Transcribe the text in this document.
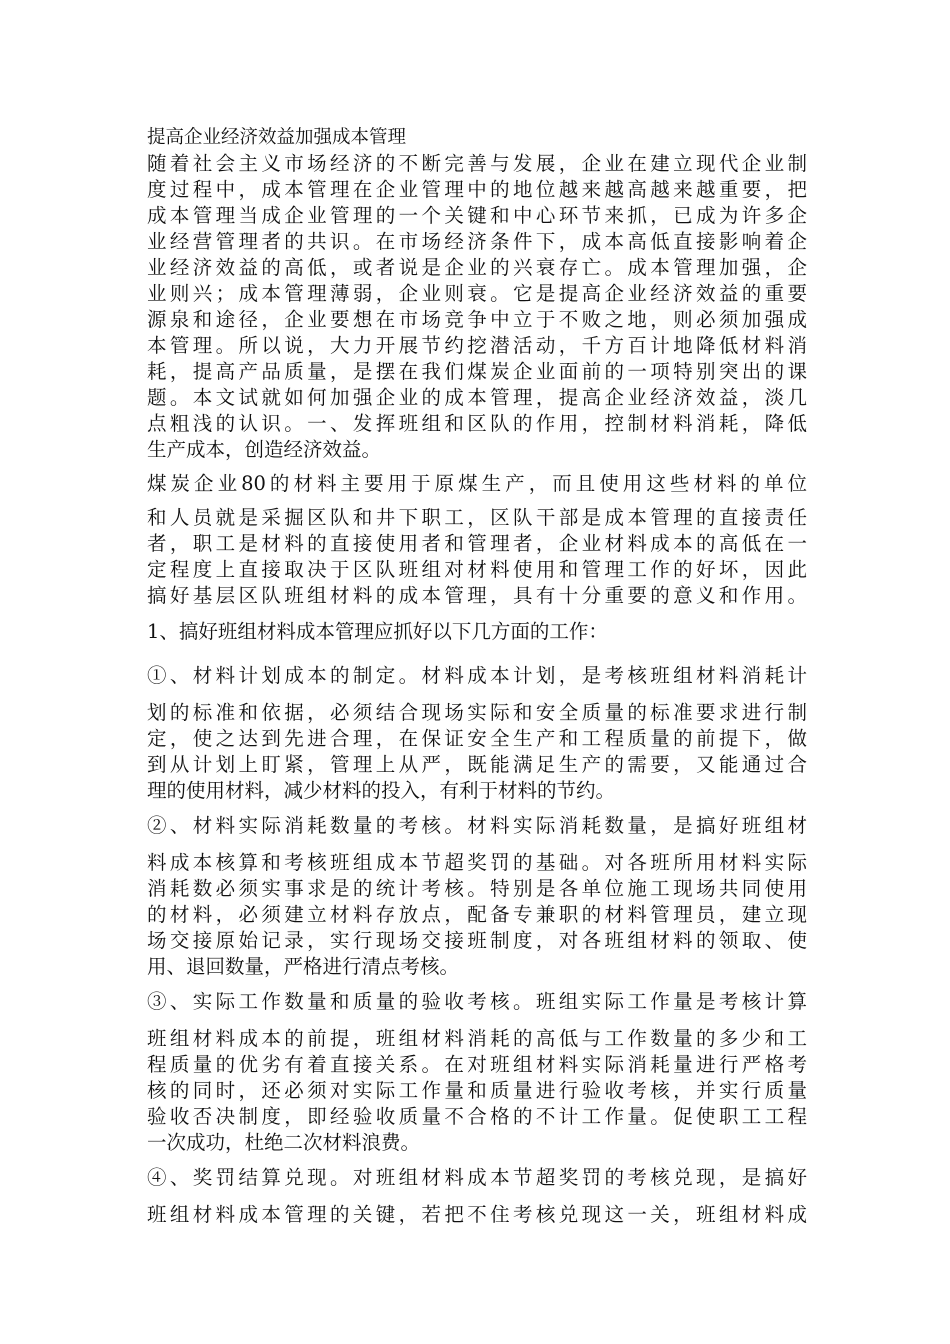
提高企业经济效益加强成本管理
随着社会主义市场经济的不断完善与发展，企业在建立现代企业制
度过程中，成本管理在企业管理中的地位越来越高越来越重要，把
成本管理当成企业管理的一个关键和中心环节来抓，已成为许多企
业经营管理者的共识。在市场经济条件下，成本高低直接影响着企
业经济效益的高低，或者说是企业的兴衰存亡。成本管理加强，企
业则兴；成本管理薄弱，企业则衰。它是提高企业经济效益的重要
源泉和途径，企业要想在市场竞争中立于不败之地，则必须加强成
本管理。所以说，大力开展节约挖潜活动，千方百计地降低材料消
耗，提高产品质量，是摆在我们煤炭企业面前的一项特别突出的课
题。本文试就如何加强企业的成本管理，提高企业经济效益，淡几
点粗浅的认识。一、发挥班组和区队的作用，控制材料消耗，降低
生产成本，创造经济效益。
煤炭企业80的材料主要用于原煤生产，而且使用这些材料的单位
和人员就是采掘区队和井下职工，区队干部是成本管理的直接责任
者，职工是材料的直接使用者和管理者，企业材料成本的高低在一
定程度上直接取决于区队班组对材料使用和管理工作的好坏，因此
搞好基层区队班组材料的成本管理，具有十分重要的意义和作用。
1、搞好班组材料成本管理应抓好以下几方面的工作：
①、材料计划成本的制定。材料成本计划，是考核班组材料消耗计
划的标准和依据，必须结合现场实际和安全质量的标准要求进行制
定，使之达到先进合理，在保证安全生产和工程质量的前提下，做
到从计划上盯紧，管理上从严，既能满足生产的需要，又能通过合
理的使用材料，减少材料的投入，有利于材料的节约。
②、材料实际消耗数量的考核。材料实际消耗数量，是搞好班组材
料成本核算和考核班组成本节超奖罚的基础。对各班所用材料实际
消耗数必须实事求是的统计考核。特别是各单位施工现场共同使用
的材料，必须建立材料存放点，配备专兼职的材料管理员，建立现
场交接原始记录，实行现场交接班制度，对各班组材料的领取、使
用、退回数量，严格进行清点考核。
③、实际工作数量和质量的验收考核。班组实际工作量是考核计算
班组材料成本的前提，班组材料消耗的高低与工作数量的多少和工
程质量的优劣有着直接关系。在对班组材料实际消耗量进行严格考
核的同时，还必须对实际工作量和质量进行验收考核，并实行质量
验收否决制度，即经验收质量不合格的不计工作量。促使职工工程
一次成功，杜绝二次材料浪费。
④、奖罚结算兑现。对班组材料成本节超奖罚的考核兑现，是搞好
班组材料成本管理的关键，若把不住考核兑现这一关，班组材料成
